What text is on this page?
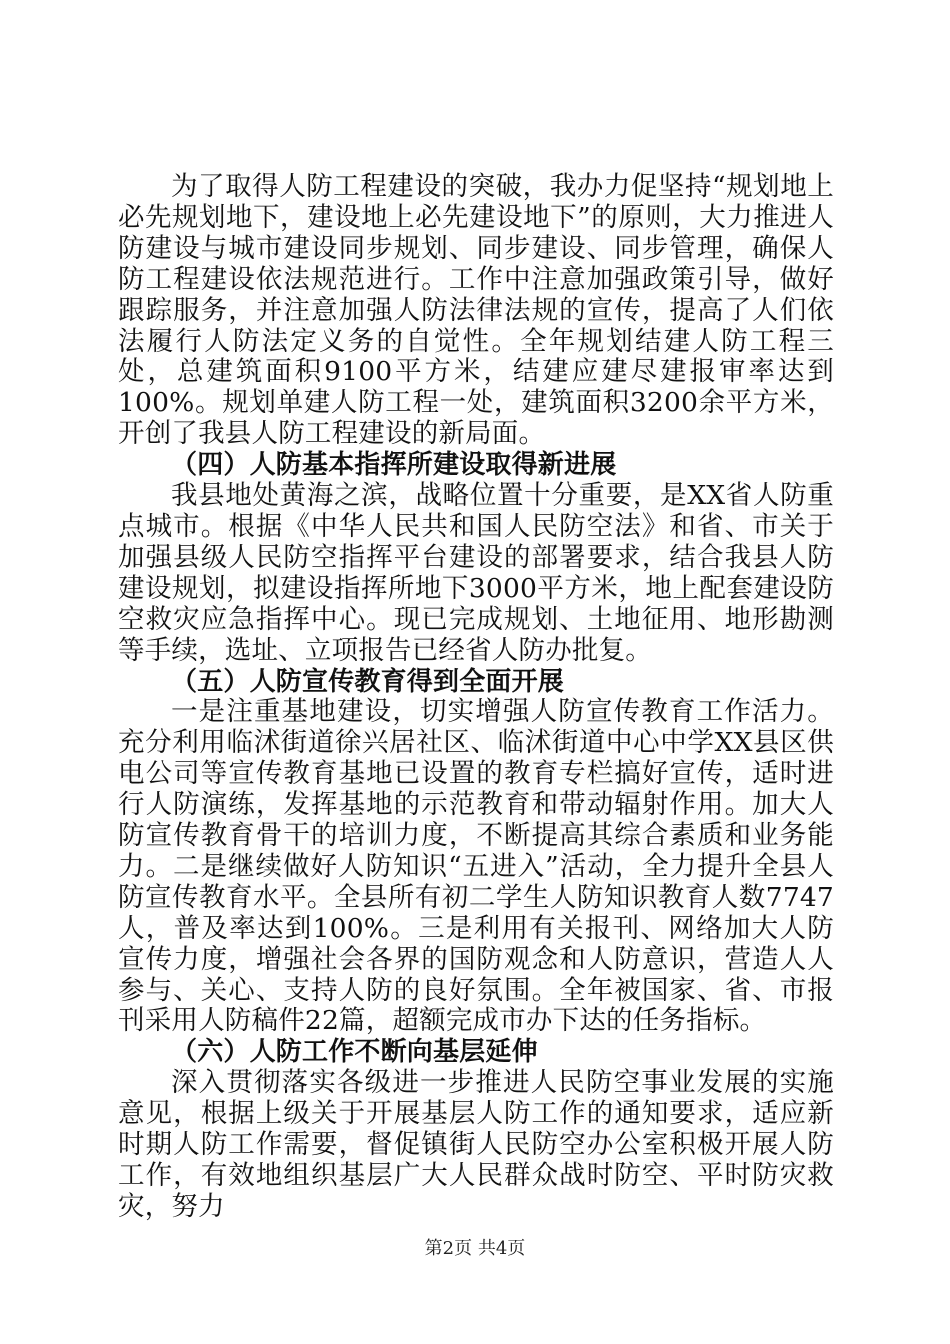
为了取得人防工程建设的突破，我办力促坚持“规划地上必先规划地下，建设地上必先建设地下”的原则，大力推进人防建设与城市建设同步规划、同步建设、同步管理，确保人防工程建设依法规范进行。工作中注意加强政策引导，做好跟踪服务，并注意加强人防法律法规的宣传，提高了人们依法履行人防法定义务的自觉性。全年规划结建人防工程三处，总建筑面积9100平方米，结建应建尽建报审率达到100%。规划单建人防工程一处，建筑面积3200余平方米，开创了我县人防工程建设的新局面。

（四）人防基本指挥所建设取得新进展

我县地处黄海之滨，战略位置十分重要，是XX省人防重点城市。根据《中华人民共和国人民防空法》和省、市关于加强县级人民防空指挥平台建设的部署要求，结合我县人防建设规划，拟建设指挥所地下3000平方米，地上配套建设防空救灾应急指挥中心。现已完成规划、土地征用、地形勘测等手续，选址、立项报告已经省人防办批复。

（五）人防宣传教育得到全面开展

一是注重基地建设，切实增强人防宣传教育工作活力。充分利用临沭街道徐兴居社区、临沭街道中心中学XX县区供电公司等宣传教育基地已设置的教育专栏搞好宣传，适时进行人防演练，发挥基地的示范教育和带动辐射作用。加大人防宣传教育骨干的培训力度，不断提高其综合素质和业务能力。二是继续做好人防知识“五进入”活动，全力提升全县人防宣传教育水平。全县所有初二学生人防知识教育人数7747人，普及率达到100%。三是利用有关报刊、网络加大人防宣传力度，增强社会各界的国防观念和人防意识，营造人人参与、关心、支持人防的良好氛围。全年被国家、省、市报刊采用人防稿件22篇，超额完成市办下达的任务指标。

（六）人防工作不断向基层延伸

深入贯彻落实各级进一步推进人民防空事业发展的实施意见，根据上级关于开展基层人防工作的通知要求，适应新时期人防工作需要，督促镇街人民防空办公室积极开展人防工作，有效地组织基层广大人民群众战时防空、平时防灾救灾，努力

第2页 共4页
